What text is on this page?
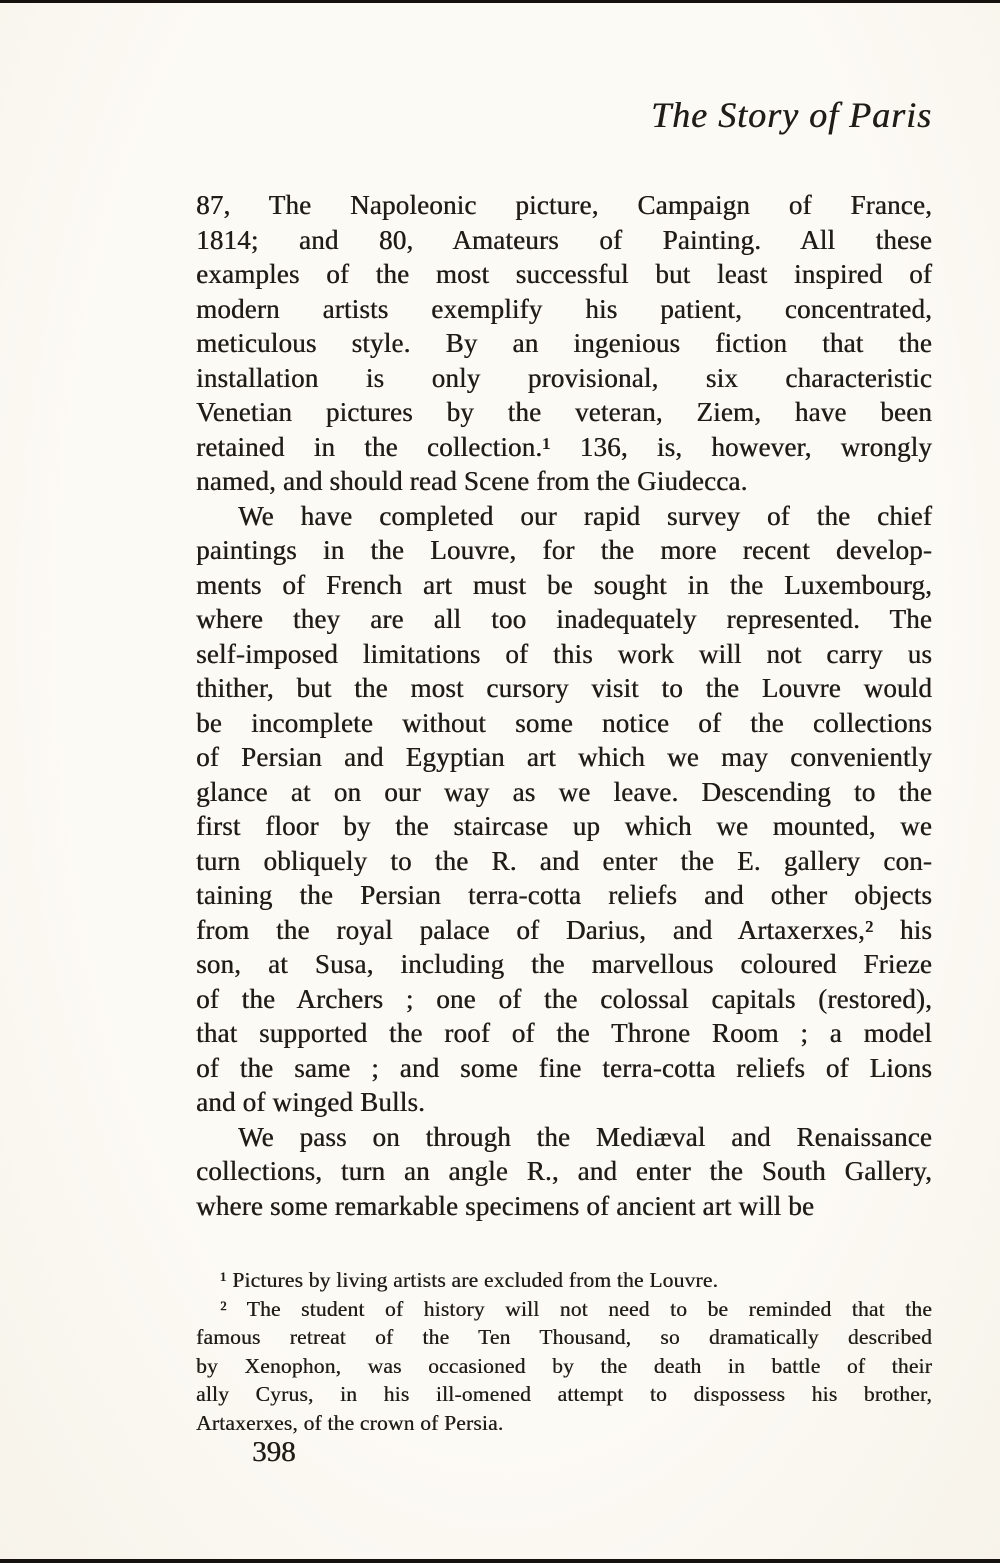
The Story of Paris
87, The Napoleonic picture, Campaign of France,
1814; and 80, Amateurs of Painting. All these
examples of the most successful but least inspired of
modern artists exemplify his patient, concentrated,
meticulous style. By an ingenious fiction that the
installation is only provisional, six characteristic
Venetian pictures by the veteran, Ziem, have been
retained in the collection.¹ 136, is, however, wrongly
named, and should read Scene from the Giudecca.
We have completed our rapid survey of the chief
paintings in the Louvre, for the more recent develop-
ments of French art must be sought in the Luxembourg,
where they are all too inadequately represented. The
self-imposed limitations of this work will not carry us
thither, but the most cursory visit to the Louvre would
be incomplete without some notice of the collections
of Persian and Egyptian art which we may conveniently
glance at on our way as we leave. Descending to the
first floor by the staircase up which we mounted, we
turn obliquely to the R. and enter the E. gallery con-
taining the Persian terra-cotta reliefs and other objects
from the royal palace of Darius, and Artaxerxes,² his
son, at Susa, including the marvellous coloured Frieze
of the Archers ; one of the colossal capitals (restored),
that supported the roof of the Throne Room ; a model
of the same ; and some fine terra-cotta reliefs of Lions
and of winged Bulls.
We pass on through the Mediæval and Renaissance
collections, turn an angle R., and enter the South Gallery,
where some remarkable specimens of ancient art will be
¹ Pictures by living artists are excluded from the Louvre.
² The student of history will not need to be reminded that the
famous retreat of the Ten Thousand, so dramatically described
by Xenophon, was occasioned by the death in battle of their
ally Cyrus, in his ill-omened attempt to dispossess his brother,
Artaxerxes, of the crown of Persia.
398
